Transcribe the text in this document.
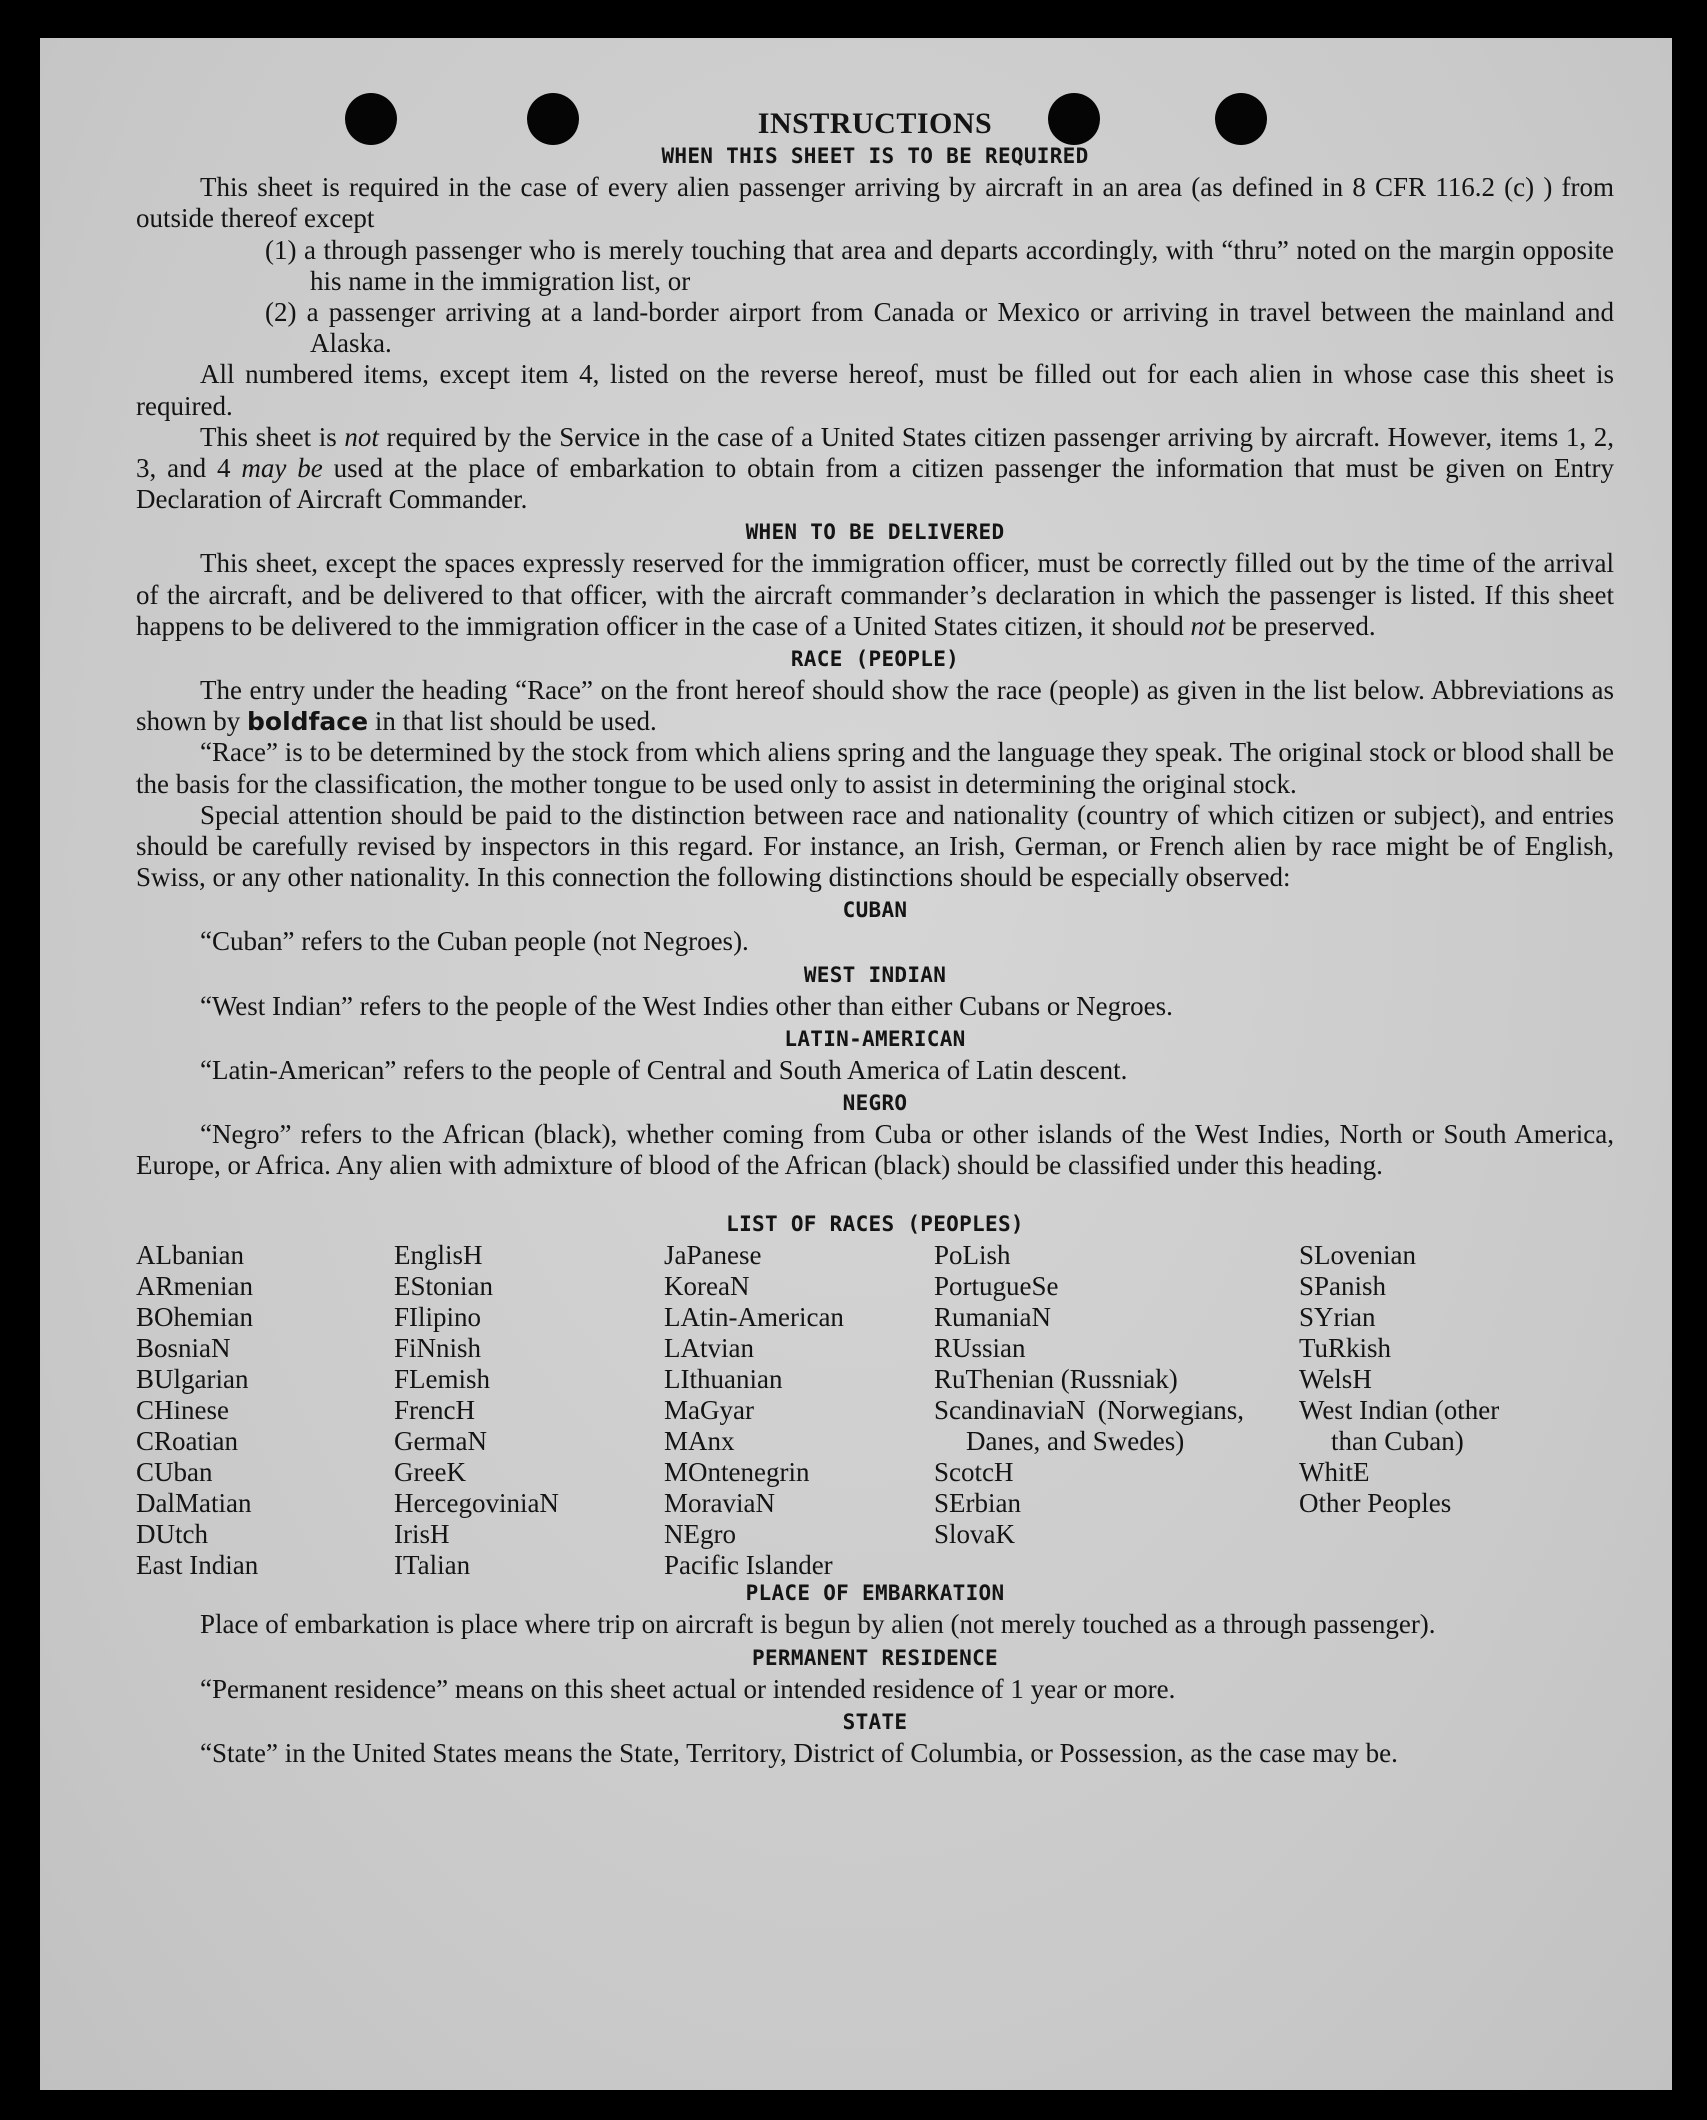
INSTRUCTIONS
WHEN THIS SHEET IS TO BE REQUIRED

This sheet is required in the case of every alien passenger arriving by aircraft in an area (as defined in 8 CFR 116.2 (c) ) from outside thereof except

(1) a through passenger who is merely touching that area and departs accordingly, with “thru” noted on the margin opposite his name in the immigration list, or

(2) a passenger arriving at a land-border airport from Canada or Mexico or arriving in travel between the mainland and Alaska.

All numbered items, except item 4, listed on the reverse hereof, must be filled out for each alien in whose case this sheet is required.

This sheet is not required by the Service in the case of a United States citizen passenger arriving by aircraft. However, items 1, 2, 3, and 4 may be used at the place of embarkation to obtain from a citizen passenger the information that must be given on Entry Declaration of Aircraft Commander.

WHEN TO BE DELIVERED

This sheet, except the spaces expressly reserved for the immigration officer, must be correctly filled out by the time of the arrival of the aircraft, and be delivered to that officer, with the aircraft commander’s declaration in which the passenger is listed. If this sheet happens to be delivered to the immigration officer in the case of a United States citizen, it should not be preserved.

RACE (PEOPLE)

The entry under the heading “Race” on the front hereof should show the race (people) as given in the list below. Abbreviations as shown by boldface in that list should be used.

“Race” is to be determined by the stock from which aliens spring and the language they speak. The original stock or blood shall be the basis for the classification, the mother tongue to be used only to assist in determining the original stock.

Special attention should be paid to the distinction between race and nationality (country of which citizen or subject), and entries should be carefully revised by inspectors in this regard. For instance, an Irish, German, or French alien by race might be of English, Swiss, or any other nationality. In this connection the following distinctions should be especially observed:

CUBAN

“Cuban” refers to the Cuban people (not Negroes).

WEST INDIAN

“West Indian” refers to the people of the West Indies other than either Cubans or Negroes.

LATIN-AMERICAN

“Latin-American” refers to the people of Central and South America of Latin descent.

NEGRO

“Negro” refers to the African (black), whether coming from Cuba or other islands of the West Indies, North or South America, Europe, or Africa. Any alien with admixture of blood of the African (black) should be classified under this heading.

LIST OF RACES (PEOPLES)
ALbanian
ARmenian
BOhemian
BosniaN
BUlgarian
CHinese
CRoatian
CUban
DalMatian
DUtch
East Indian
EnglisH
EStonian
FIlipino
FiNnish
FLemish
FrencH
GermaN
GreeK
HercegoviniaN
IrisH
ITalian
JaPanese
KoreaN
LAtin-American
LAtvian
LIthuanian
MaGyar
MAnx
MOntenegrin
MoraviaN
NEgro
Pacific Islander
PoLish
PortugueSe
RumaniaN
RUssian
RuThenian (Russniak)
ScandinaviaN (Norwegians, Danes, and Swedes)
ScotcH
SErbian
SlovaK
SLovenian
SPanish
SYrian
TuRkish
WelsH
West Indian (other
than Cuban)
WhitE
Other Peoples
PLACE OF EMBARKATION

Place of embarkation is place where trip on aircraft is begun by alien (not merely touched as a through passenger).

PERMANENT RESIDENCE

“Permanent residence” means on this sheet actual or intended residence of 1 year or more.

STATE

“State” in the United States means the State, Territory, District of Columbia, or Possession, as the case may be.
